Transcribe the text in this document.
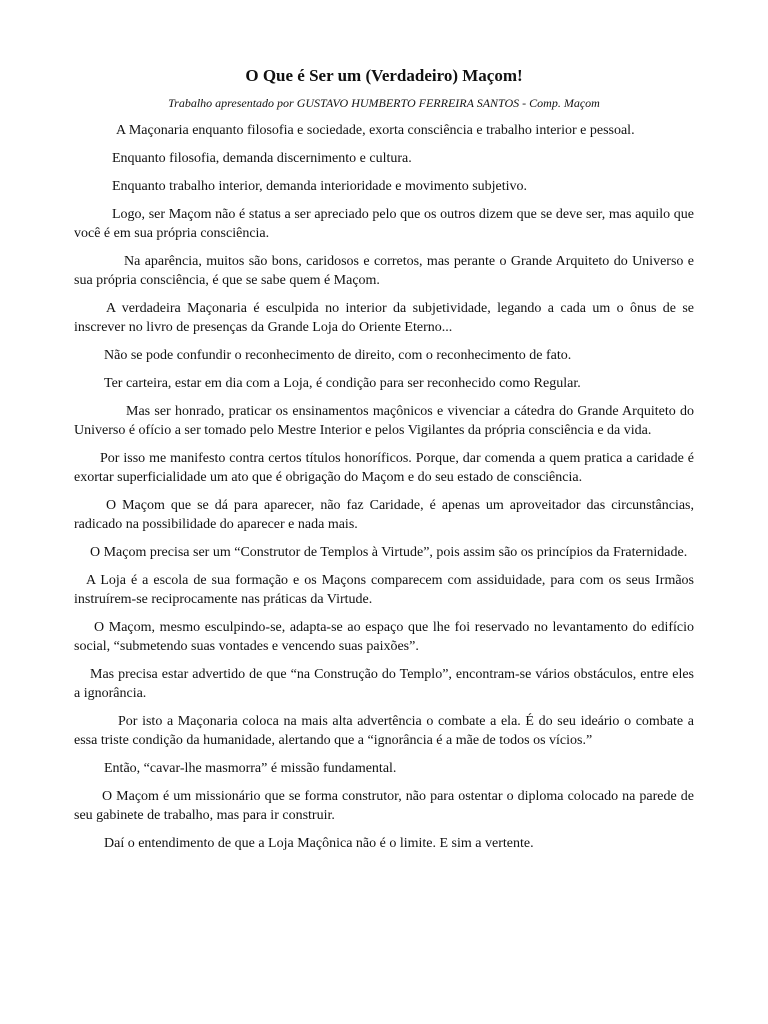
O Que é Ser um (Verdadeiro) Maçom!
Trabalho apresentado por GUSTAVO HUMBERTO FERREIRA SANTOS - Comp. Maçom

A Maçonaria enquanto filosofia e sociedade, exorta consciência e trabalho interior e pessoal.

Enquanto filosofia, demanda discernimento e cultura.

Enquanto trabalho interior, demanda interioridade e movimento subjetivo.

Logo, ser Maçom não é status a ser apreciado pelo que os outros dizem que se deve ser, mas aquilo que você é em sua própria consciência.

Na aparência, muitos são bons, caridosos e corretos, mas perante o Grande Arquiteto do Universo e sua própria consciência, é que se sabe quem é Maçom.

A verdadeira Maçonaria é esculpida no interior da subjetividade, legando a cada um o ônus de se inscrever no livro de presenças da Grande Loja do Oriente Eterno...

Não se pode confundir o reconhecimento de direito, com o reconhecimento de fato.

Ter carteira, estar em dia com a Loja, é condição para ser reconhecido como Regular.

Mas ser honrado, praticar os ensinamentos maçônicos e vivenciar a cátedra do Grande Arquiteto do Universo é ofício a ser tomado pelo Mestre Interior e pelos Vigilantes da própria consciência e da vida.

Por isso me manifesto contra certos títulos honoríficos. Porque, dar comenda a quem pratica a caridade é exortar superficialidade um ato que é obrigação do Maçom e do seu estado de consciência.

O Maçom que se dá para aparecer, não faz Caridade, é apenas um aproveitador das circunstâncias, radicado na possibilidade do aparecer e nada mais.

O Maçom precisa ser um “Construtor de Templos à Virtude”, pois assim são os princípios da Fraternidade.

A Loja é a escola de sua formação e os Maçons comparecem com assiduidade, para com os seus Irmãos instruírem-se reciprocamente nas práticas da Virtude.

O Maçom, mesmo esculpindo-se, adapta-se ao espaço que lhe foi reservado no levantamento do edifício social, “submetendo suas vontades e vencendo suas paixões”.

Mas precisa estar advertido de que “na Construção do Templo”, encontram-se vários obstáculos, entre eles a ignorância.

Por isto a Maçonaria coloca na mais alta advertência o combate a ela. É do seu ideário o combate a essa triste condição da humanidade, alertando que a “ignorância é a mãe de todos os vícios.”

Então, “cavar-lhe masmorra” é missão fundamental.

O Maçom é um missionário que se forma construtor, não para ostentar o diploma colocado na parede de seu gabinete de trabalho, mas para ir construir.

Daí o entendimento de que a Loja Maçônica não é o limite. E sim a vertente.
